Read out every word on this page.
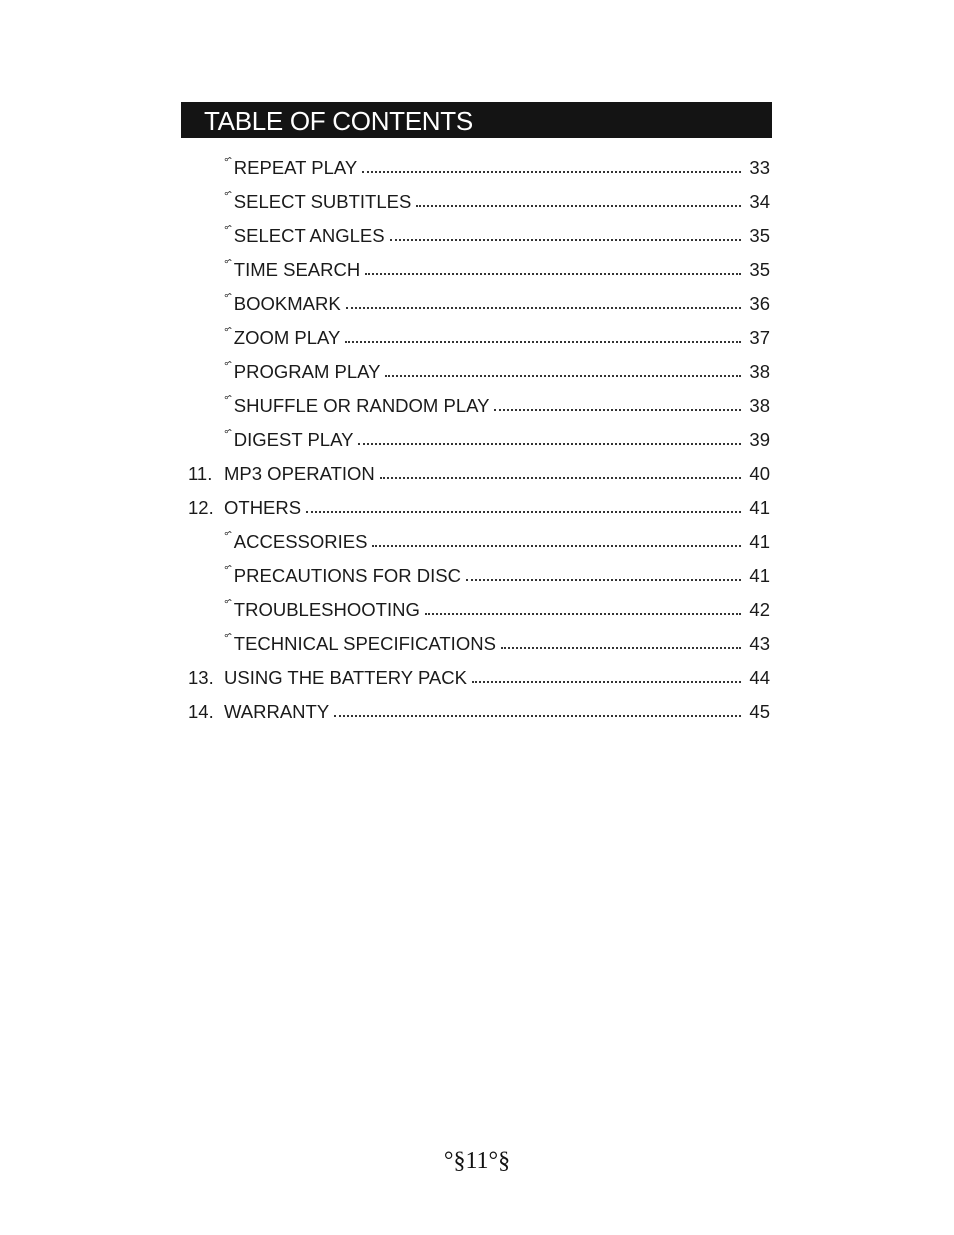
TABLE OF CONTENTS
°ˆ REPEAT PLAY	33
°ˆ SELECT SUBTITLES	34
°ˆ SELECT ANGLES	35
°ˆ TIME SEARCH	35
°ˆ BOOKMARK	36
°ˆ ZOOM PLAY	37
°ˆ PROGRAM PLAY	38
°ˆ SHUFFLE OR RANDOM PLAY	38
°ˆ DIGEST PLAY	39
11. MP3 OPERATION	40
12. OTHERS	41
°ˆ ACCESSORIES	41
°ˆ PRECAUTIONS FOR DISC	41
°ˆ TROUBLESHOOTING	42
°ˆ TECHNICAL SPECIFICATIONS	43
13. USING THE BATTERY PACK	44
14. WARRANTY	45
°§11°§
